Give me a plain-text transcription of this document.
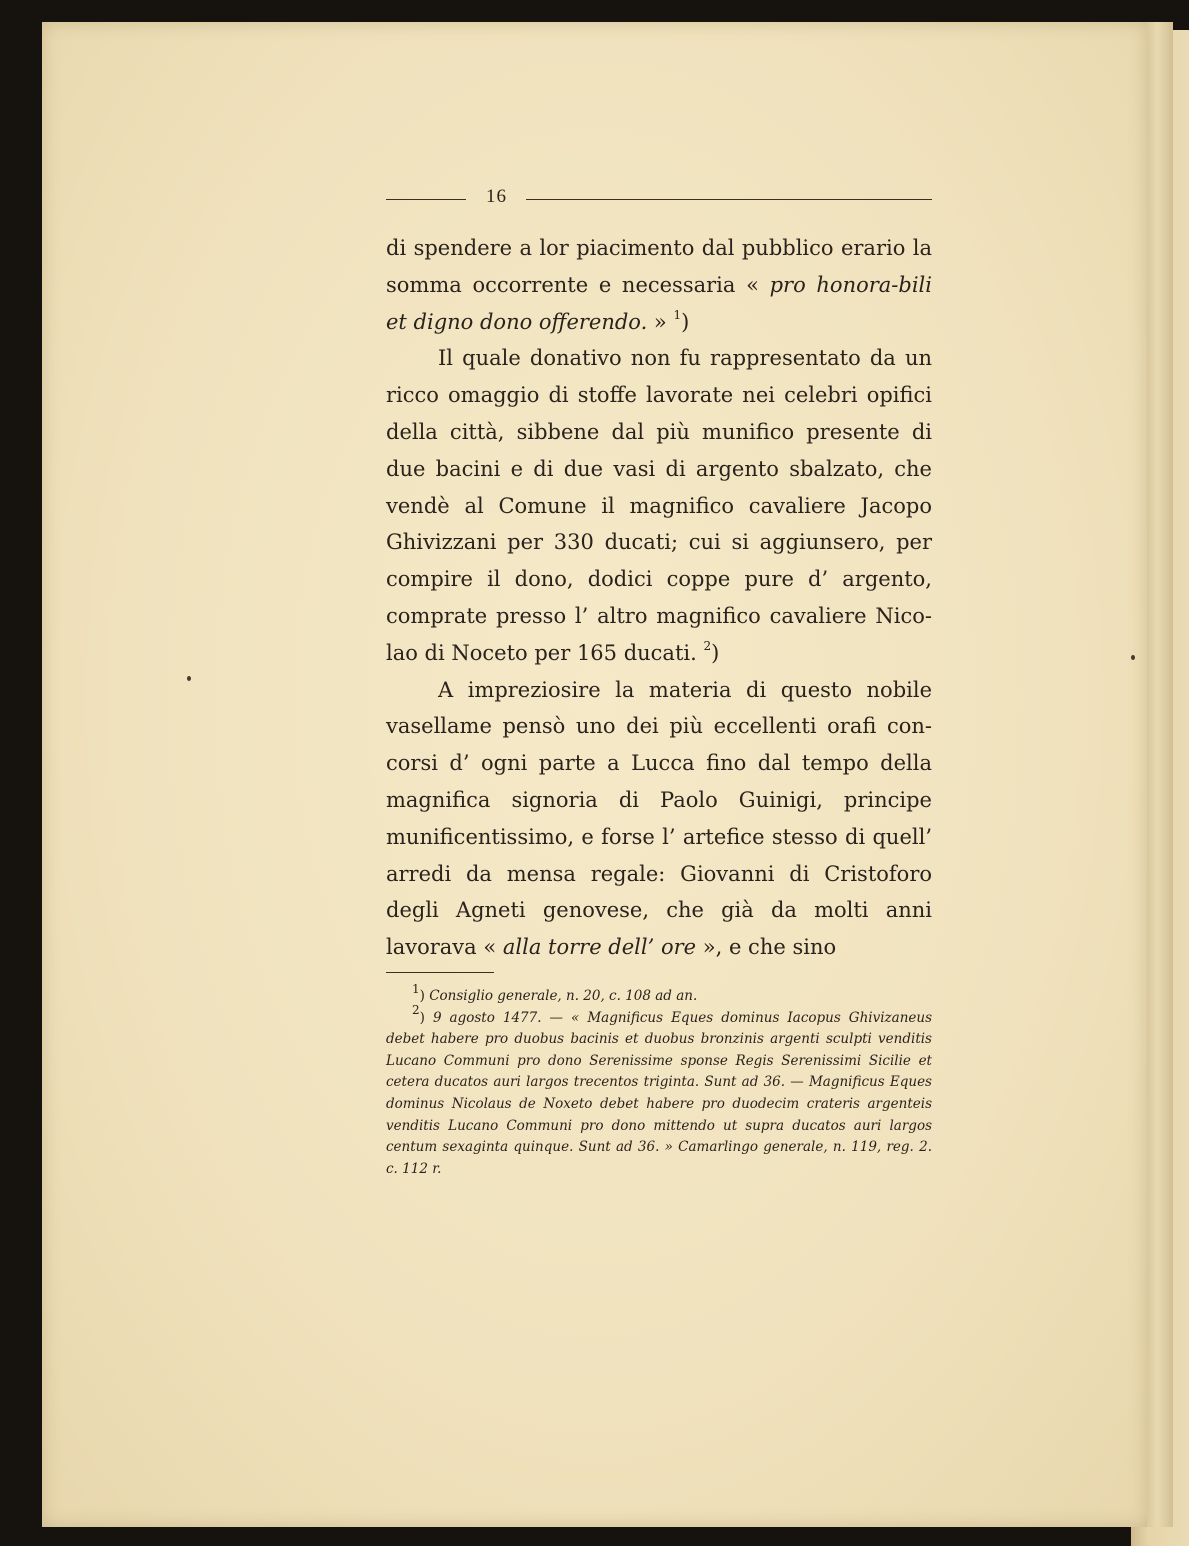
16

di spendere a lor piacimento dal pubblico erario la somma occorrente e necessaria « pro honora-bili et digno dono offerendo. » $^1$)

Il quale donativo non fu rappresentato da un ricco omaggio di stoffe lavorate nei celebri opifici della città, sibbene dal più munifico presente di due bacini e di due vasi di argento sbalzato, che vendè al Comune il magnifico cavaliere Jacopo Ghivizzani per 330 ducati; cui si aggiunsero, per compire il dono, dodici coppe pure d’ argento, comprate presso l’ altro magnifico cavaliere Nicolao di Noceto per 165 ducati. $^2$)

A impreziosire la materia di questo nobile vasellame pensò uno dei più eccellenti orafi concorsi d’ ogni parte a Lucca fino dal tempo della magnifica signoria di Paolo Guinigi, principe munificentissimo, e forse l’ artefice stesso di quell’ arredi da mensa regale: Giovanni di Cristoforo degli Agneti genovese, che già da molti anni lavorava « alla torre dell’ ore », e che sino

$^1$) Consiglio generale, n. 20, c. 108 ad an.

$^2$) 9 agosto 1477. — « Magnificus Eques dominus Iacopus Ghivizaneus debet habere pro duobus bacinis et duobus bronzinis argenti sculpti venditis Lucano Communi pro dono Serenissime sponse Regis Serenissimi Sicilie et cetera ducatos auri largos trecentos triginta. Sunt ad 36. — Magnificus Eques dominus Nicolaus de Noxeto debet habere pro duodecim crateris argenteis venditis Lucano Communi pro dono mittendo ut supra ducatos auri largos centum sexaginta quinque. Sunt ad 36. » Camarlingo generale, n. 119, reg. 2. c. 112 r.
